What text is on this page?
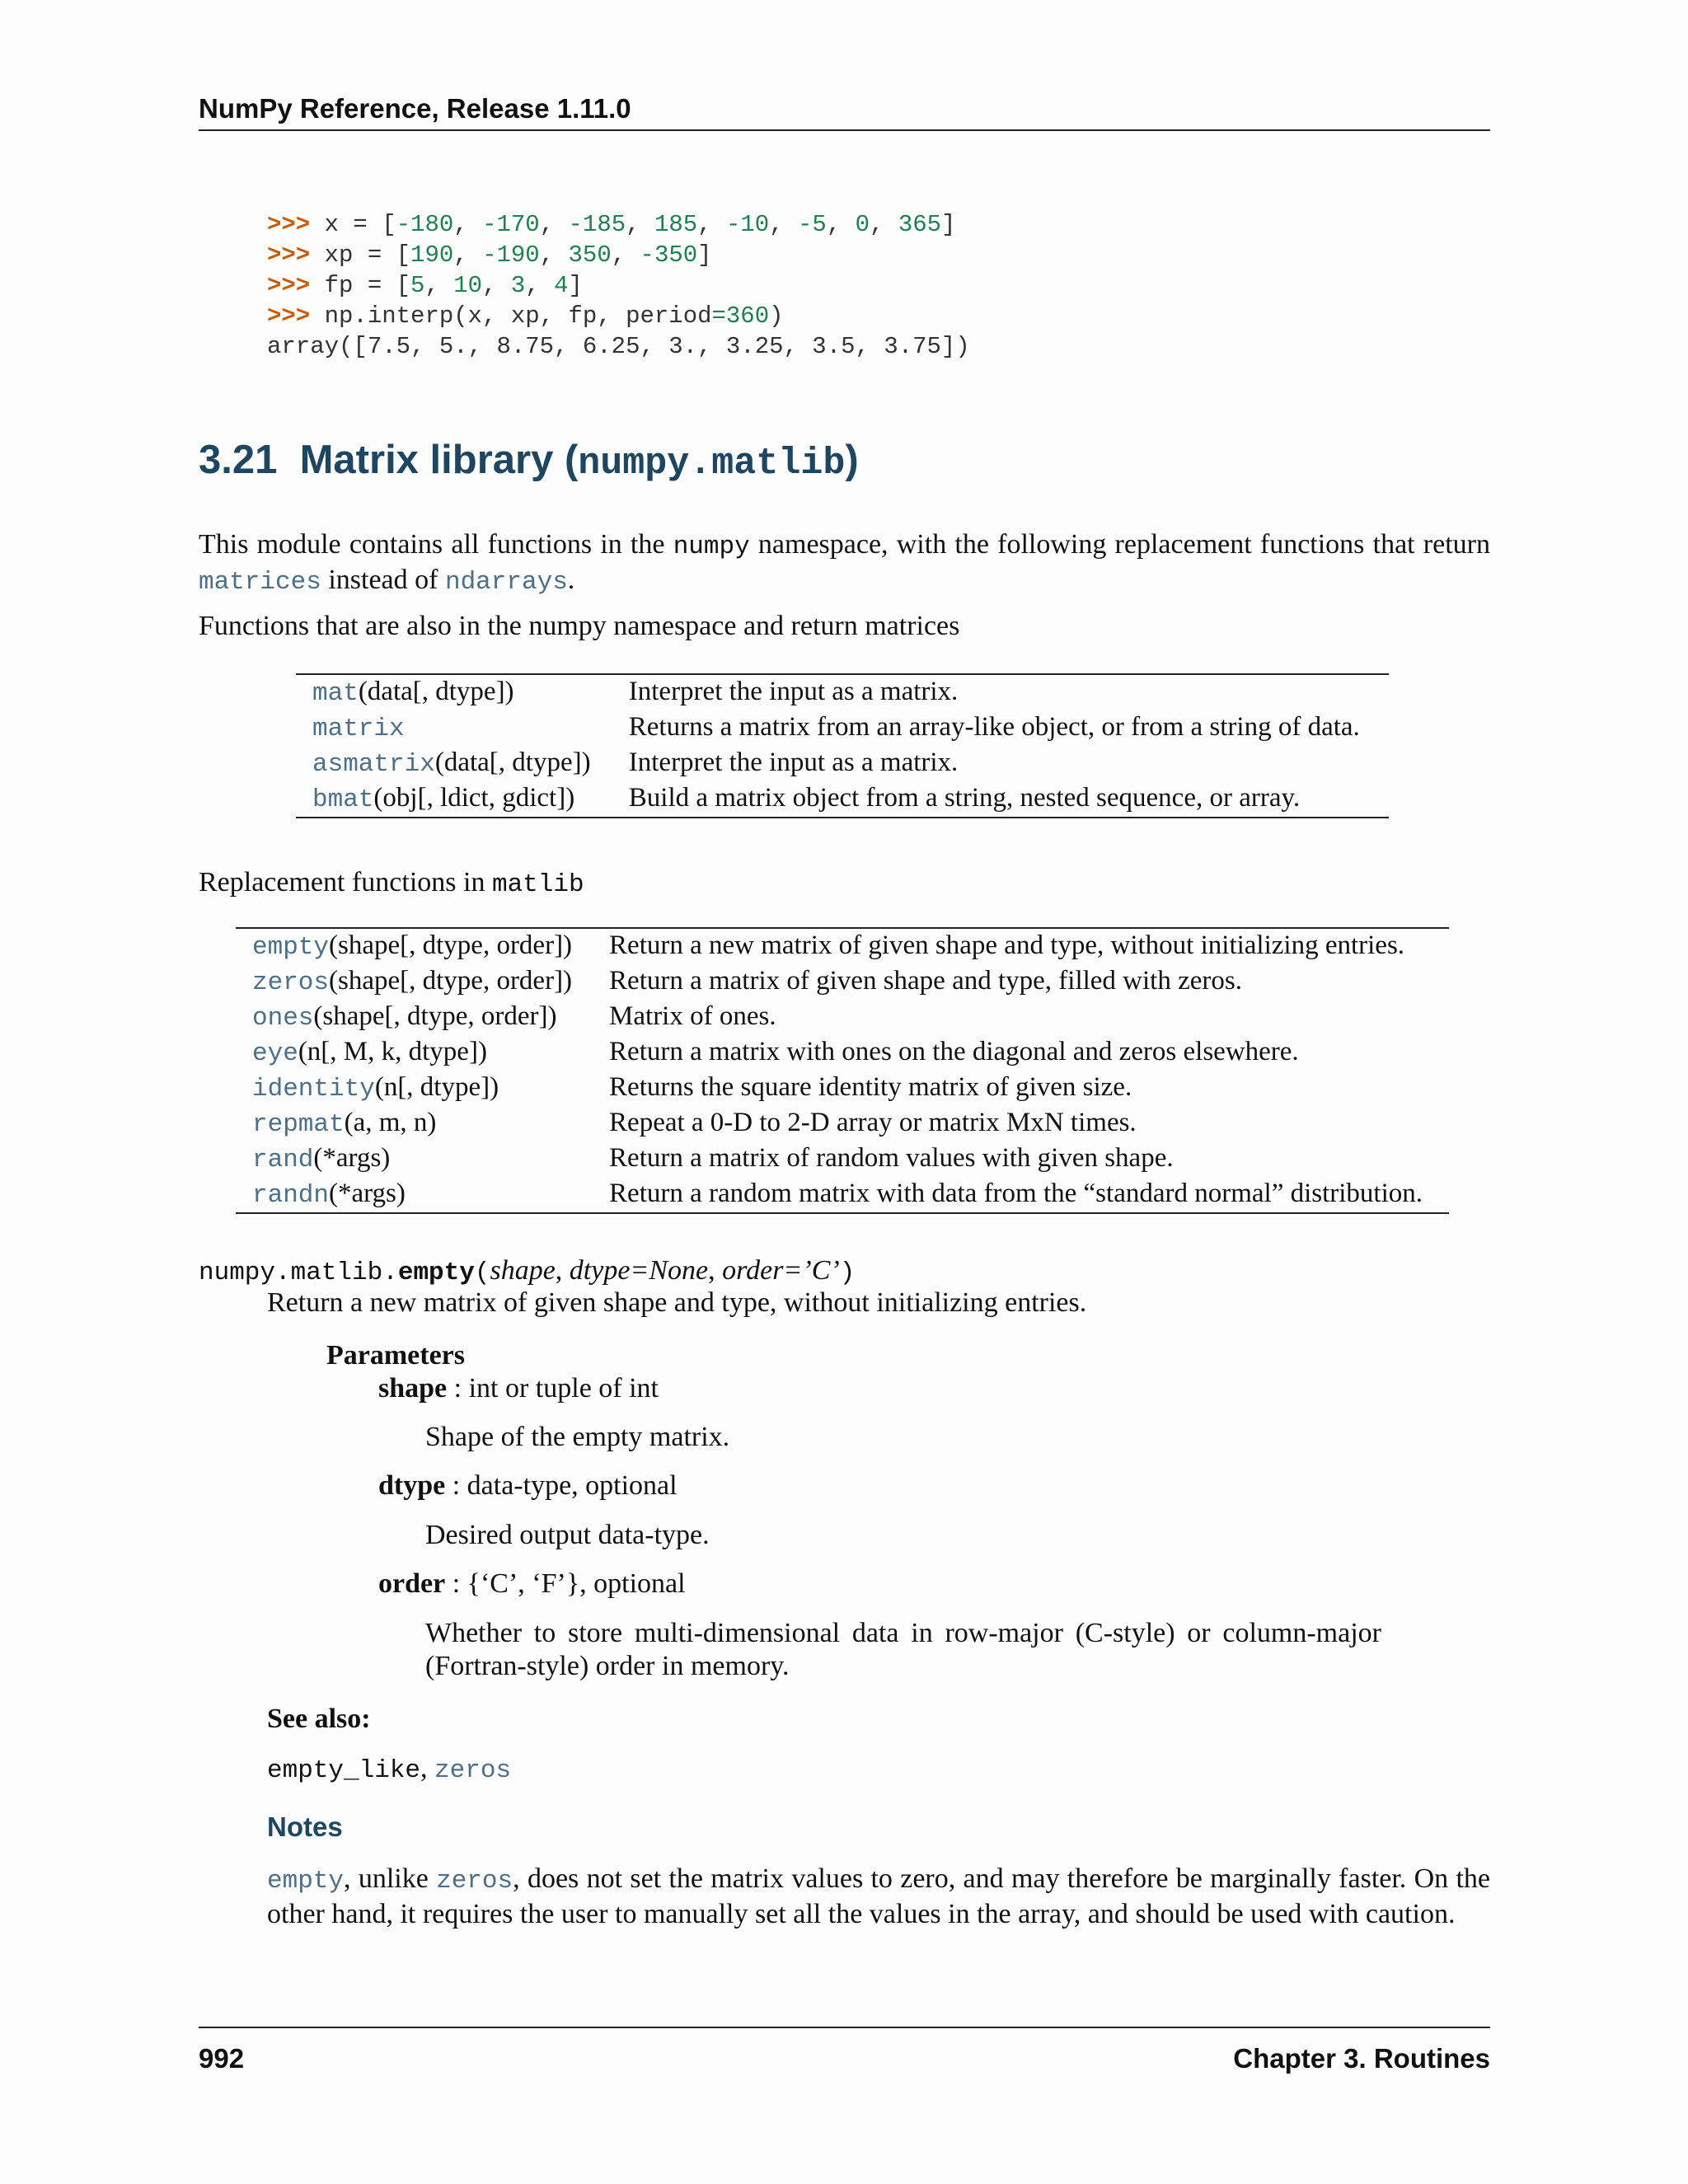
NumPy Reference, Release 1.11.0
>>> x = [-180, -170, -185, 185, -10, -5, 0, 365]
>>> xp = [190, -190, 350, -350]
>>> fp = [5, 10, 3, 4]
>>> np.interp(x, xp, fp, period=360)
array([7.5, 5., 8.75, 6.25, 3., 3.25, 3.5, 3.75])
3.21 Matrix library (numpy.matlib)
This module contains all functions in the numpy namespace, with the following replacement functions that return matrices instead of ndarrays.
Functions that are also in the numpy namespace and return matrices
mat(data[, dtype])	Interpret the input as a matrix.
matrix	Returns a matrix from an array-like object, or from a string of data.
asmatrix(data[, dtype])	Interpret the input as a matrix.
bmat(obj[, ldict, gdict])	Build a matrix object from a string, nested sequence, or array.
Replacement functions in matlib
empty(shape[, dtype, order])	Return a new matrix of given shape and type, without initializing entries.
zeros(shape[, dtype, order])	Return a matrix of given shape and type, filled with zeros.
ones(shape[, dtype, order])	Matrix of ones.
eye(n[, M, k, dtype])	Return a matrix with ones on the diagonal and zeros elsewhere.
identity(n[, dtype])	Returns the square identity matrix of given size.
repmat(a, m, n)	Repeat a 0-D to 2-D array or matrix MxN times.
rand(*args)	Return a matrix of random values with given shape.
randn(*args)	Return a random matrix with data from the “standard normal” distribution.
numpy.matlib.empty(shape, dtype=None, order=’C’)
Return a new matrix of given shape and type, without initializing entries.
Parameters
shape : int or tuple of int
Shape of the empty matrix.
dtype : data-type, optional
Desired output data-type.
order : {‘C’, ‘F’}, optional
Whether to store multi-dimensional data in row-major (C-style) or column-major (Fortran-style) order in memory.
See also:
empty_like, zeros
Notes
empty, unlike zeros, does not set the matrix values to zero, and may therefore be marginally faster. On the other hand, it requires the user to manually set all the values in the array, and should be used with caution.
992	Chapter 3. Routines
